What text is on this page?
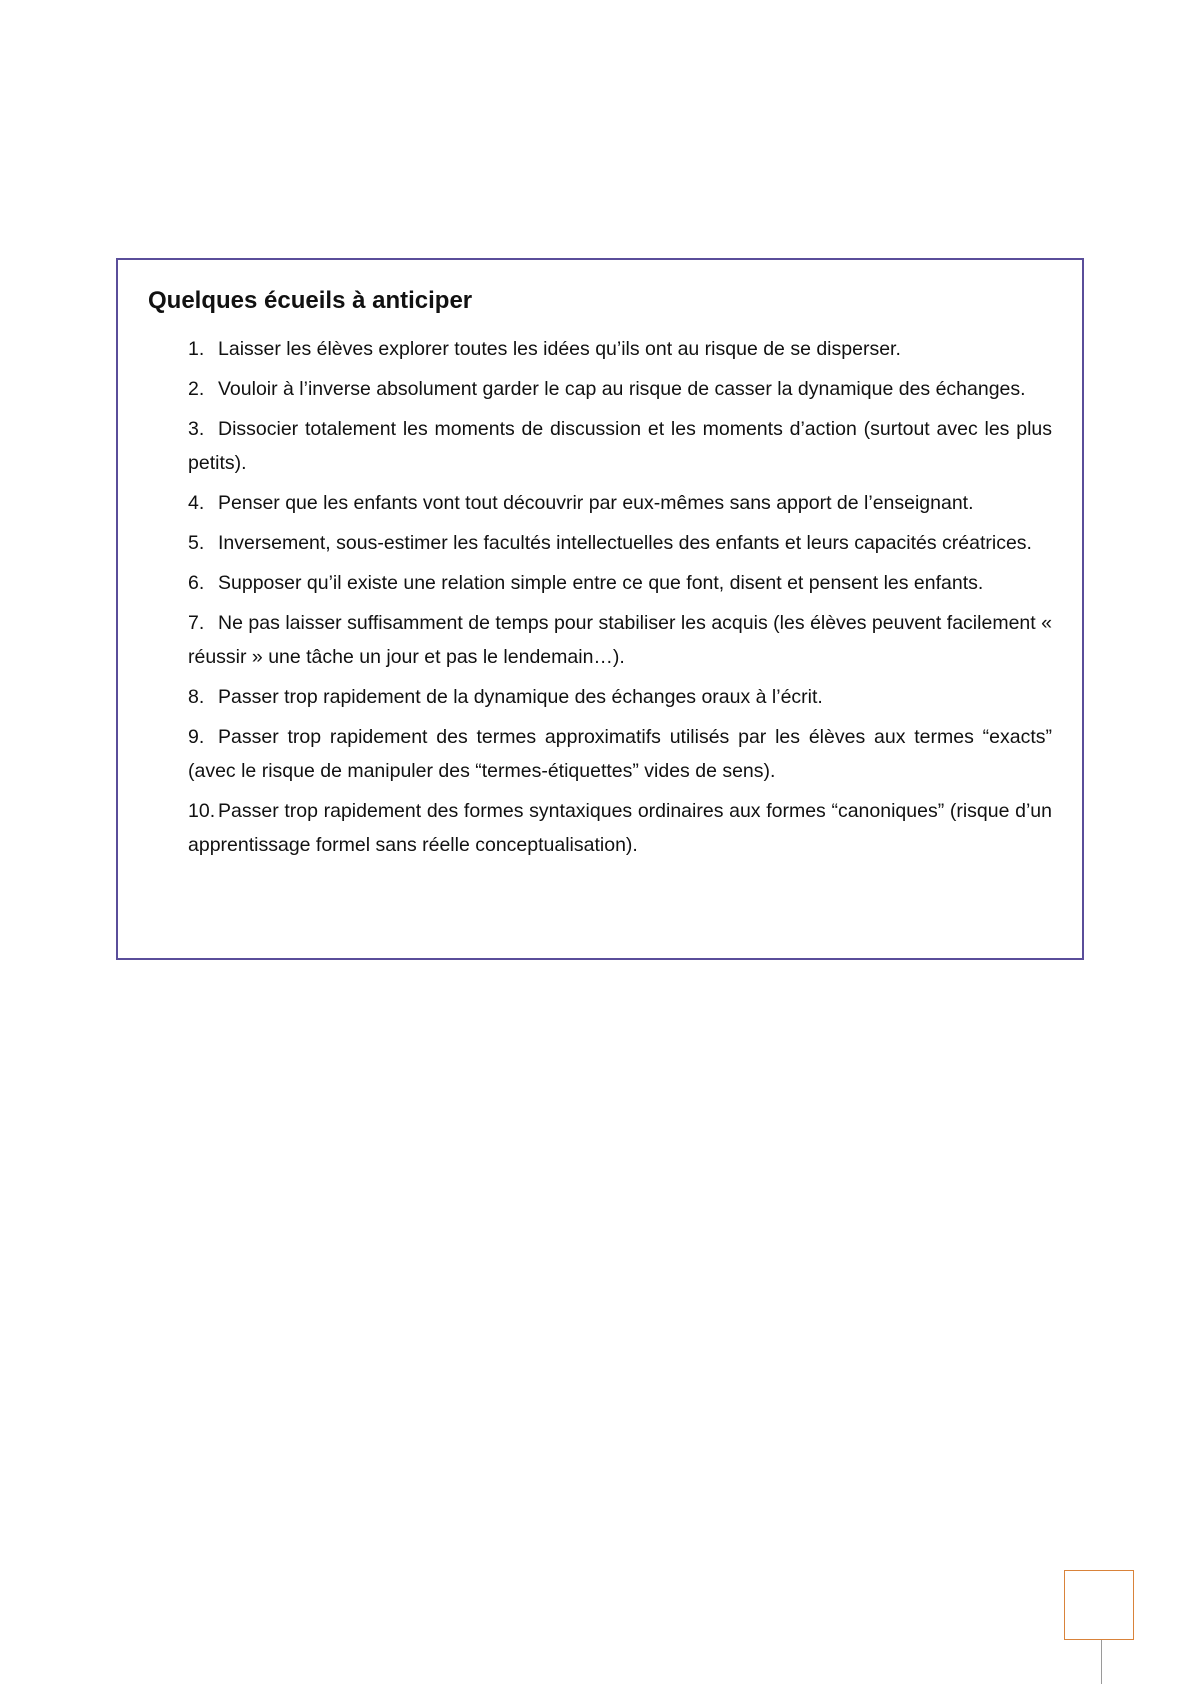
Quelques écueils à anticiper
1. Laisser les élèves explorer toutes les idées qu’ils ont au risque de se disperser.
2. Vouloir à l’inverse absolument garder le cap au risque de casser la dynamique des échanges.
3. Dissocier totalement les moments de discussion et les moments d’action (surtout avec les plus petits).
4. Penser que les enfants vont tout découvrir par eux-mêmes sans apport de l’enseignant.
5. Inversement, sous-estimer les facultés intellectuelles des enfants et leurs capacités créatrices.
6. Supposer qu’il existe une relation simple entre ce que font, disent et pensent les enfants.
7. Ne pas laisser suffisamment de temps pour stabiliser les acquis (les élèves peuvent facilement « réussir » une tâche un jour et pas le lendemain…).
8. Passer trop rapidement de la dynamique des échanges oraux à l’écrit.
9. Passer trop rapidement des termes approximatifs utilisés par les élèves aux termes “exacts” (avec le risque de manipuler des “termes-étiquettes” vides de sens).
10. Passer trop rapidement des formes syntaxiques ordinaires aux formes “canoniques” (risque d’un apprentissage formel sans réelle conceptualisation).
